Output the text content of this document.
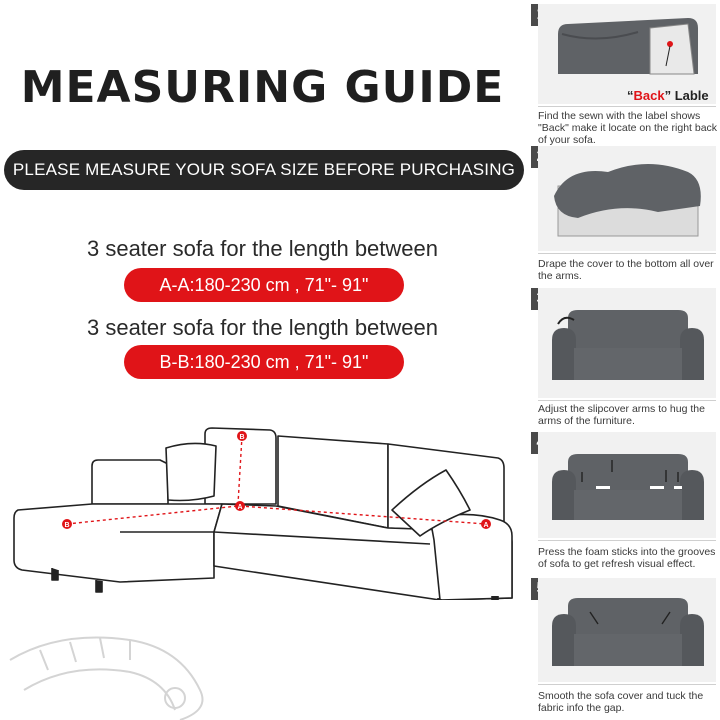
MEASURING GUIDE
PLEASE MEASURE YOUR SOFA SIZE BEFORE PURCHASING
3 seater sofa for the length between
A-A:180-230 cm , 71"- 91"
3 seater sofa for the length between
B-B:180-230 cm , 71"- 91"
B
A
A
B
“Back” Lable
Find the sewn with the label shows "Back" make it locate on the right back of your sofa.
Drape the cover to the bottom all over the arms.
Adjust the slipcover arms to hug the arms of the furniture.
Press the foam sticks into the grooves of sofa to get refresh visual effect.
Smooth the sofa cover and tuck the fabric info the gap.
